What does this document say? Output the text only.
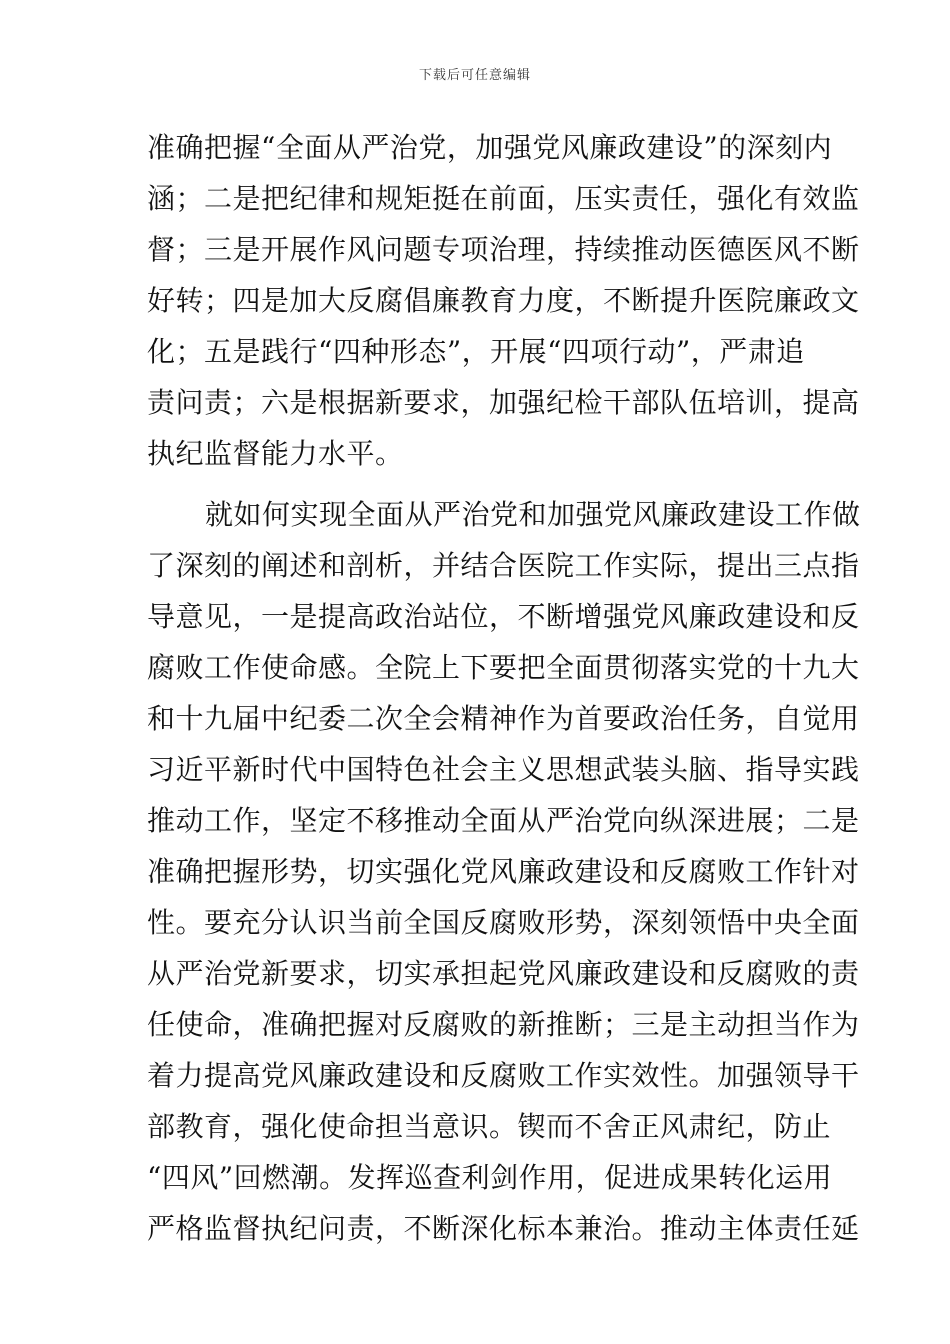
下载后可任意编辑
准确把握“全面从严治党，加强党风廉政建设”的深刻内
涵；二是把纪律和规矩挺在前面，压实责任，强化有效监
督；三是开展作风问题专项治理，持续推动医德医风不断
好转；四是加大反腐倡廉教育力度，不断提升医院廉政文
化；五是践行“四种形态”，开展“四项行动”，严肃追
责问责；六是根据新要求，加强纪检干部队伍培训，提高
执纪监督能力水平。
就如何实现全面从严治党和加强党风廉政建设工作做
了深刻的阐述和剖析，并结合医院工作实际，提出三点指
导意见，一是提高政治站位，不断增强党风廉政建设和反
腐败工作使命感。全院上下要把全面贯彻落实党的十九大
和十九届中纪委二次全会精神作为首要政治任务，自觉用
习近平新时代中国特色社会主义思想武装头脑、指导实践
推动工作，坚定不移推动全面从严治党向纵深进展；二是
准确把握形势，切实强化党风廉政建设和反腐败工作针对
性。要充分认识当前全国反腐败形势，深刻领悟中央全面
从严治党新要求，切实承担起党风廉政建设和反腐败的责
任使命，准确把握对反腐败的新推断；三是主动担当作为
着力提高党风廉政建设和反腐败工作实效性。加强领导干
部教育，强化使命担当意识。锲而不舍正风肃纪，防止
“四风”回燃潮。发挥巡查利剑作用，促进成果转化运用
严格监督执纪问责，不断深化标本兼治。推动主体责任延
